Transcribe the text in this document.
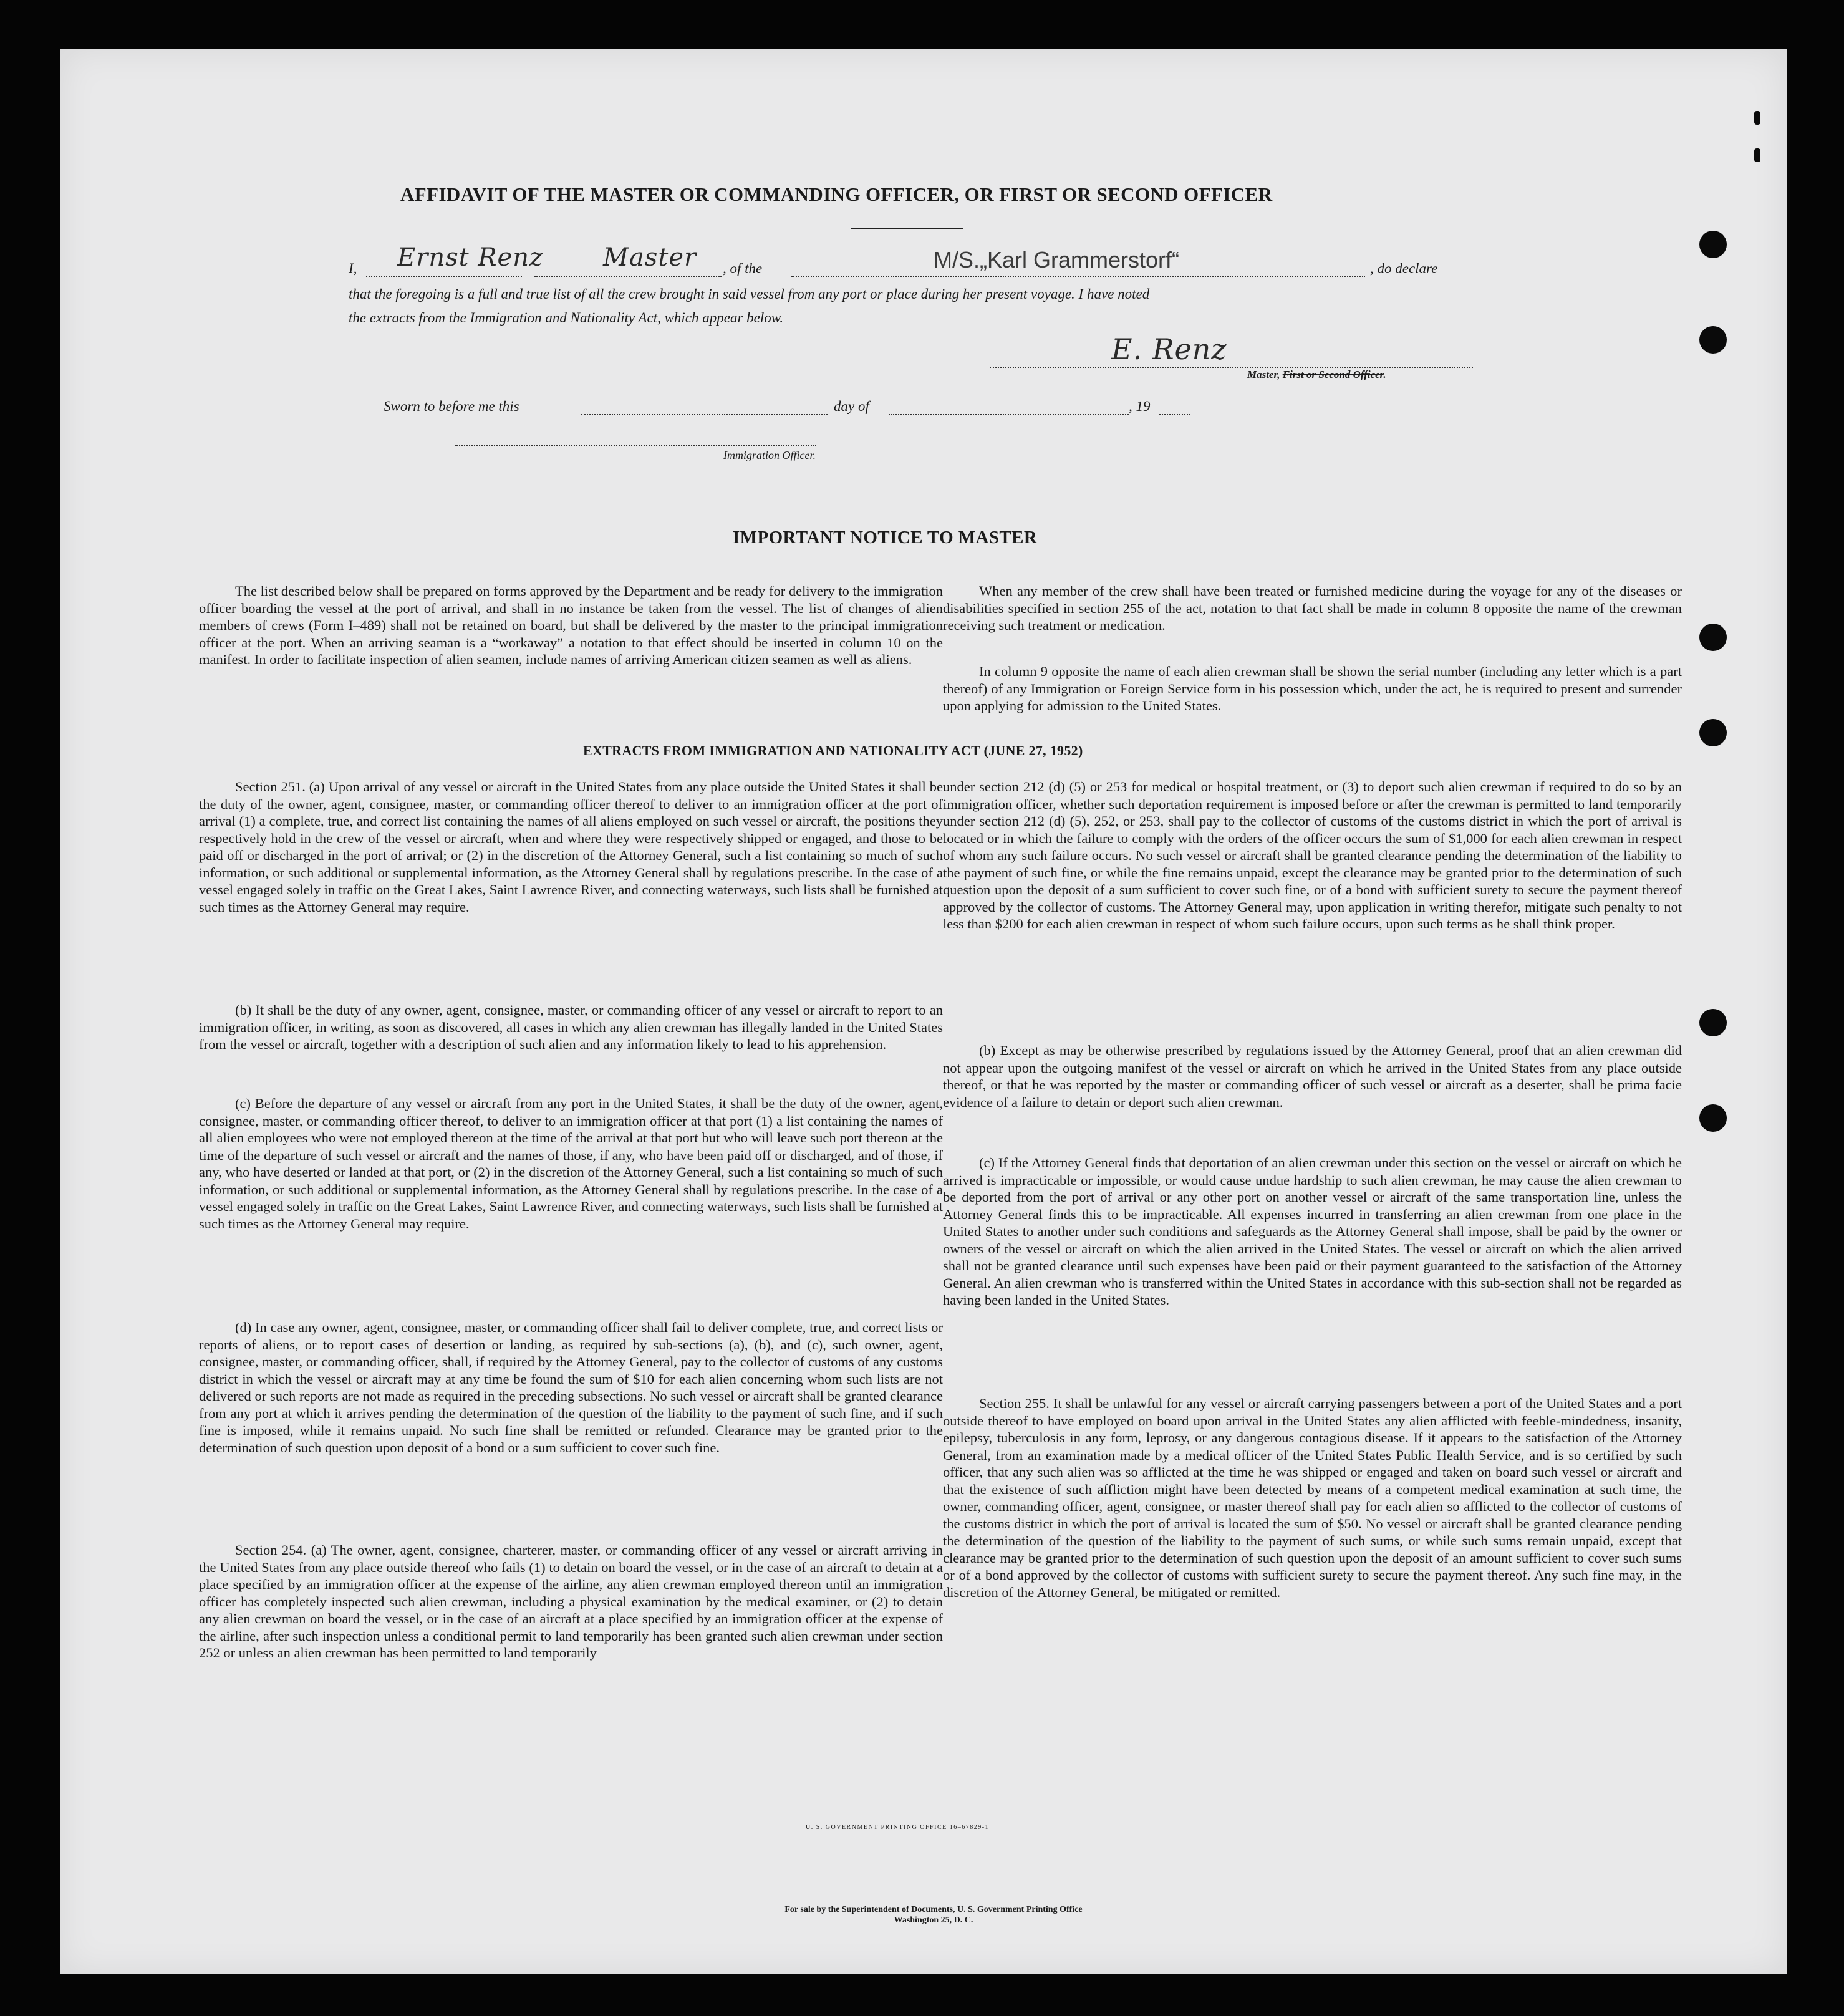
AFFIDAVIT OF THE MASTER OR COMMANDING OFFICER, OR FIRST OR SECOND OFFICER
I, Ernst Renz Master , of the	M/S.„Karl Grammerstorf“	, do declare
that the foregoing is a full and true list of all the crew brought in said vessel from any port or place during her present voyage. I have noted
the extracts from the Immigration and Nationality Act, which appear below.
E. Renz
Master, First or Second Officer.
Sworn to before me this	day of	, 19
Immigration Officer.
IMPORTANT NOTICE TO MASTER

The list described below shall be prepared on forms approved by the Department and be ready for delivery to the immigration officer boarding the vessel at the port of arrival, and shall in no instance be taken from the vessel. The list of changes of alien members of crews (Form I–489) shall not be retained on board, but shall be delivered by the master to the principal immigration officer at the port. When an arriving seaman is a “workaway” a notation to that effect should be inserted in column 10 on the manifest. In order to facilitate inspection of alien seamen, include names of arriving American citizen seamen as well as aliens.

When any member of the crew shall have been treated or furnished medicine during the voyage for any of the diseases or disabilities specified in section 255 of the act, notation to that fact shall be made in column 8 opposite the name of the crewman receiving such treatment or medication.

In column 9 opposite the name of each alien crewman shall be shown the serial number (including any letter which is a part thereof) of any Immigration or Foreign Service form in his possession which, under the act, he is required to present and surrender upon applying for admission to the United States.

EXTRACTS FROM IMMIGRATION AND NATIONALITY ACT (JUNE 27, 1952)

Section 251. (a) Upon arrival of any vessel or aircraft in the United States from any place outside the United States it shall be the duty of the owner, agent, consignee, master, or commanding officer thereof to deliver to an immigration officer at the port of arrival (1) a complete, true, and correct list containing the names of all aliens employed on such vessel or aircraft, the positions they respectively hold in the crew of the vessel or aircraft, when and where they were respectively shipped or engaged, and those to be paid off or discharged in the port of arrival; or (2) in the discretion of the Attorney General, such a list containing so much of such information, or such additional or supplemental information, as the Attorney General shall by regulations prescribe. In the case of a vessel engaged solely in traffic on the Great Lakes, Saint Lawrence River, and connecting waterways, such lists shall be furnished at such times as the Attorney General may require.

(b) It shall be the duty of any owner, agent, consignee, master, or commanding officer of any vessel or aircraft to report to an immigration officer, in writing, as soon as discovered, all cases in which any alien crewman has illegally landed in the United States from the vessel or aircraft, together with a description of such alien and any information likely to lead to his apprehension.

(c) Before the departure of any vessel or aircraft from any port in the United States, it shall be the duty of the owner, agent, consignee, master, or commanding officer thereof, to deliver to an immigration officer at that port (1) a list containing the names of all alien employees who were not employed thereon at the time of the arrival at that port but who will leave such port thereon at the time of the departure of such vessel or aircraft and the names of those, if any, who have been paid off or discharged, and of those, if any, who have deserted or landed at that port, or (2) in the discretion of the Attorney General, such a list containing so much of such information, or such additional or supplemental information, as the Attorney General shall by regulations prescribe. In the case of a vessel engaged solely in traffic on the Great Lakes, Saint Lawrence River, and connecting waterways, such lists shall be furnished at such times as the Attorney General may require.

(d) In case any owner, agent, consignee, master, or commanding officer shall fail to deliver complete, true, and correct lists or reports of aliens, or to report cases of desertion or landing, as required by sub-sections (a), (b), and (c), such owner, agent, consignee, master, or commanding officer, shall, if required by the Attorney General, pay to the collector of customs of any customs district in which the vessel or aircraft may at any time be found the sum of $10 for each alien concerning whom such lists are not delivered or such reports are not made as required in the preceding subsections. No such vessel or aircraft shall be granted clearance from any port at which it arrives pending the determination of the question of the liability to the payment of such fine, and if such fine is imposed, while it remains unpaid. No such fine shall be remitted or refunded. Clearance may be granted prior to the determination of such question upon deposit of a bond or a sum sufficient to cover such fine.

Section 254. (a) The owner, agent, consignee, charterer, master, or commanding officer of any vessel or aircraft arriving in the United States from any place outside thereof who fails (1) to detain on board the vessel, or in the case of an aircraft to detain at a place specified by an immigration officer at the expense of the airline, any alien crewman employed thereon until an immigration officer has completely inspected such alien crewman, including a physical examination by the medical examiner, or (2) to detain any alien crewman on board the vessel, or in the case of an aircraft at a place specified by an immigration officer at the expense of the airline, after such inspection unless a conditional permit to land temporarily has been granted such alien crewman under section 252 or unless an alien crewman has been permitted to land temporarily

under section 212 (d) (5) or 253 for medical or hospital treatment, or (3) to deport such alien crewman if required to do so by an immigration officer, whether such deportation requirement is imposed before or after the crewman is permitted to land temporarily under section 212 (d) (5), 252, or 253, shall pay to the collector of customs of the customs district in which the port of arrival is located or in which the failure to comply with the orders of the officer occurs the sum of $1,000 for each alien crewman in respect of whom any such failure occurs. No such vessel or aircraft shall be granted clearance pending the determination of the liability to the payment of such fine, or while the fine remains unpaid, except the clearance may be granted prior to the determination of such question upon the deposit of a sum sufficient to cover such fine, or of a bond with sufficient surety to secure the payment thereof approved by the collector of customs. The Attorney General may, upon application in writing therefor, mitigate such penalty to not less than $200 for each alien crewman in respect of whom such failure occurs, upon such terms as he shall think proper.

(b) Except as may be otherwise prescribed by regulations issued by the Attorney General, proof that an alien crewman did not appear upon the outgoing manifest of the vessel or aircraft on which he arrived in the United States from any place outside thereof, or that he was reported by the master or commanding officer of such vessel or aircraft as a deserter, shall be prima facie evidence of a failure to detain or deport such alien crewman.

(c) If the Attorney General finds that deportation of an alien crewman under this section on the vessel or aircraft on which he arrived is impracticable or impossible, or would cause undue hardship to such alien crewman, he may cause the alien crewman to be deported from the port of arrival or any other port on another vessel or aircraft of the same transportation line, unless the Attorney General finds this to be impracticable. All expenses incurred in transferring an alien crewman from one place in the United States to another under such conditions and safeguards as the Attorney General shall impose, shall be paid by the owner or owners of the vessel or aircraft on which the alien arrived in the United States. The vessel or aircraft on which the alien arrived shall not be granted clearance until such expenses have been paid or their payment guaranteed to the satisfaction of the Attorney General. An alien crewman who is transferred within the United States in accordance with this sub-section shall not be regarded as having been landed in the United States.

Section 255. It shall be unlawful for any vessel or aircraft carrying passengers between a port of the United States and a port outside thereof to have employed on board upon arrival in the United States any alien afflicted with feeble-mindedness, insanity, epilepsy, tuberculosis in any form, leprosy, or any dangerous contagious disease. If it appears to the satisfaction of the Attorney General, from an examination made by a medical officer of the United States Public Health Service, and is so certified by such officer, that any such alien was so afflicted at the time he was shipped or engaged and taken on board such vessel or aircraft and that the existence of such affliction might have been detected by means of a competent medical examination at such time, the owner, commanding officer, agent, consignee, or master thereof shall pay for each alien so afflicted to the collector of customs of the customs district in which the port of arrival is located the sum of $50. No vessel or aircraft shall be granted clearance pending the determination of the question of the liability to the payment of such sums, or while such sums remain unpaid, except that clearance may be granted prior to the determination of such question upon the deposit of an amount sufficient to cover such sums or of a bond approved by the collector of customs with sufficient surety to secure the payment thereof. Any such fine may, in the discretion of the Attorney General, be mitigated or remitted.

U. S. GOVERNMENT PRINTING OFFICE 16–67829-1
For sale by the Superintendent of Documents, U. S. Government Printing Office
Washington 25, D. C.
